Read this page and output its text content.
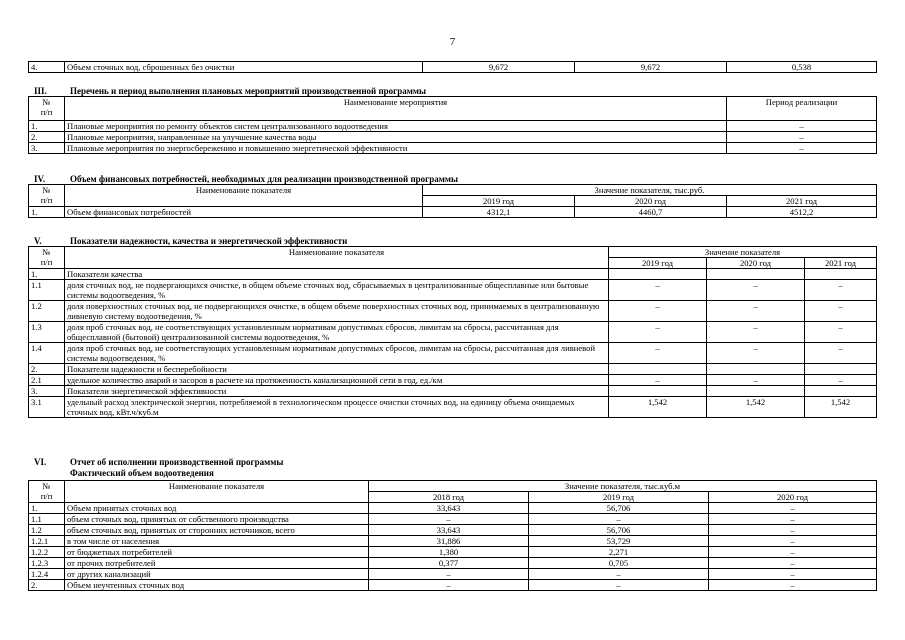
7
4.	Объем сточных вод, сброшенных без очистки	9,672	9,672	0,538
III.	Перечень и период выполнения плановых мероприятий производственной программы
№
п/п	Наименование мероприятия	Период реализации
1.	Плановые мероприятия по ремонту объектов систем централизованного водоотведения	–
2.	Плановые мероприятия, направленные на улучшение качества воды	–
3.	Плановые мероприятия по энергосбережению и повышению энергетической эффективности	–
IV.	Объем финансовых потребностей, необходимых для реализации производственной программы
№
п/п	Наименование показателя	Значение показателя, тыс.руб.		
		2019 год	2020 год	2021 год
1.	Объем финансовых потребностей	4312,1	4460,7	4512,2
V.	Показатели надежности, качества и энергетической эффективности
№
п/п	Наименование показателя	Значение показателя		
		2019 год	2020 год	2021 год
1.	Показатели качества			
1.1	доля сточных вод, не подвергающихся очистке, в общем объеме сточных вод, сбрасываемых в централизованные общесплавные или бытовые системы водоотведения, %	–	–	–
1.2	доля поверхностных сточных вод, не подвергающихся очистке, в общем объеме поверхностных сточных вод, принимаемых в централизованную ливневую систему водоотведения, %	–	–	–
1.3	доля проб сточных вод, не соответствующих установленным нормативам допустимых сбросов, лимитам на сбросы, рассчитанная для общесплавной (бытовой) централизованной системы водоотведения, %	–	–	–
1.4	доля проб сточных вод, не соответствующих установленным нормативам допустимых сбросов, лимитам на сбросы, рассчитанная для ливневой системы водоотведения, %	–	–	–
2.	Показатели надежности и бесперебойности			
2.1	удельное количество аварий и засоров в расчете на протяженность канализационной сети в год, ед./км	–	–	–
3.	Показатели энергетической эффективности			
3.1	удельный расход электрической энергии, потребляемой в технологическом процессе очистки сточных вод, на единицу объема очищаемых сточных вод, кВт.ч/куб.м	1,542	1,542	1,542
VI.	Отчет об исполнении производственной программы
Фактический объем водоотведения
№
п/п	Наименование показателя	Значение показателя, тыс.куб.м		
		2018 год	2019 год	2020 год
1.	Объем принятых сточных вод	33,643	56,706	–
1.1	объем сточных вод, принятых от собственного производства	–	–	–
1.2	объем сточных вод, принятых от сторонних источников, всего	33,643	56,706	–
1.2.1	в том числе от населения	31,886	53,729	–
1.2.2	от бюджетных потребителей	1,380	2,271	–
1.2.3	от прочих потребителей	0,377	0,705	–
1.2.4	от других канализаций	–	–	–
2.	Объем неучтенных сточных вод	–	–	–
